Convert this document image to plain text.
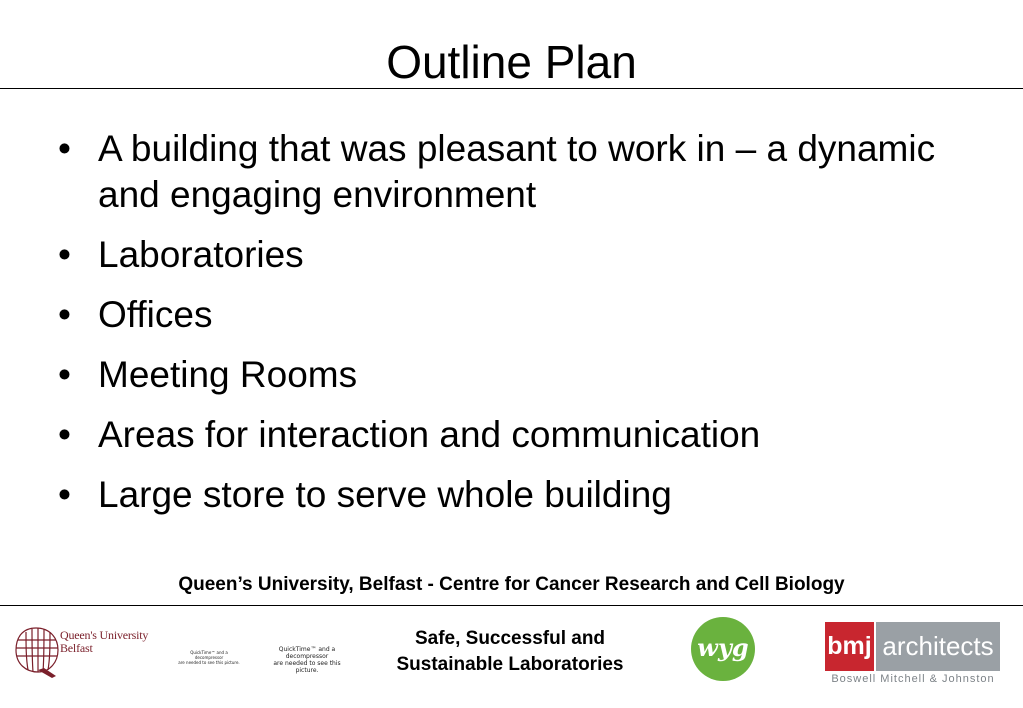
Outline Plan
• A building that was pleasant to work in – a dynamic and engaging environment
• Laboratories
• Offices
• Meeting Rooms
• Areas for interaction and communication
• Large store to serve whole building
Queen’s University, Belfast - Centre for Cancer Research and Cell Biology
Queen's University
Belfast	QuickTime™ and a
decompressor
are needed to see this picture.
QuickTime™ and a
decompressor
are needed to see this picture.
Safe, Successful and
Sustainable Laboratories
wyg	bmj architects
Boswell Mitchell & Johnston
